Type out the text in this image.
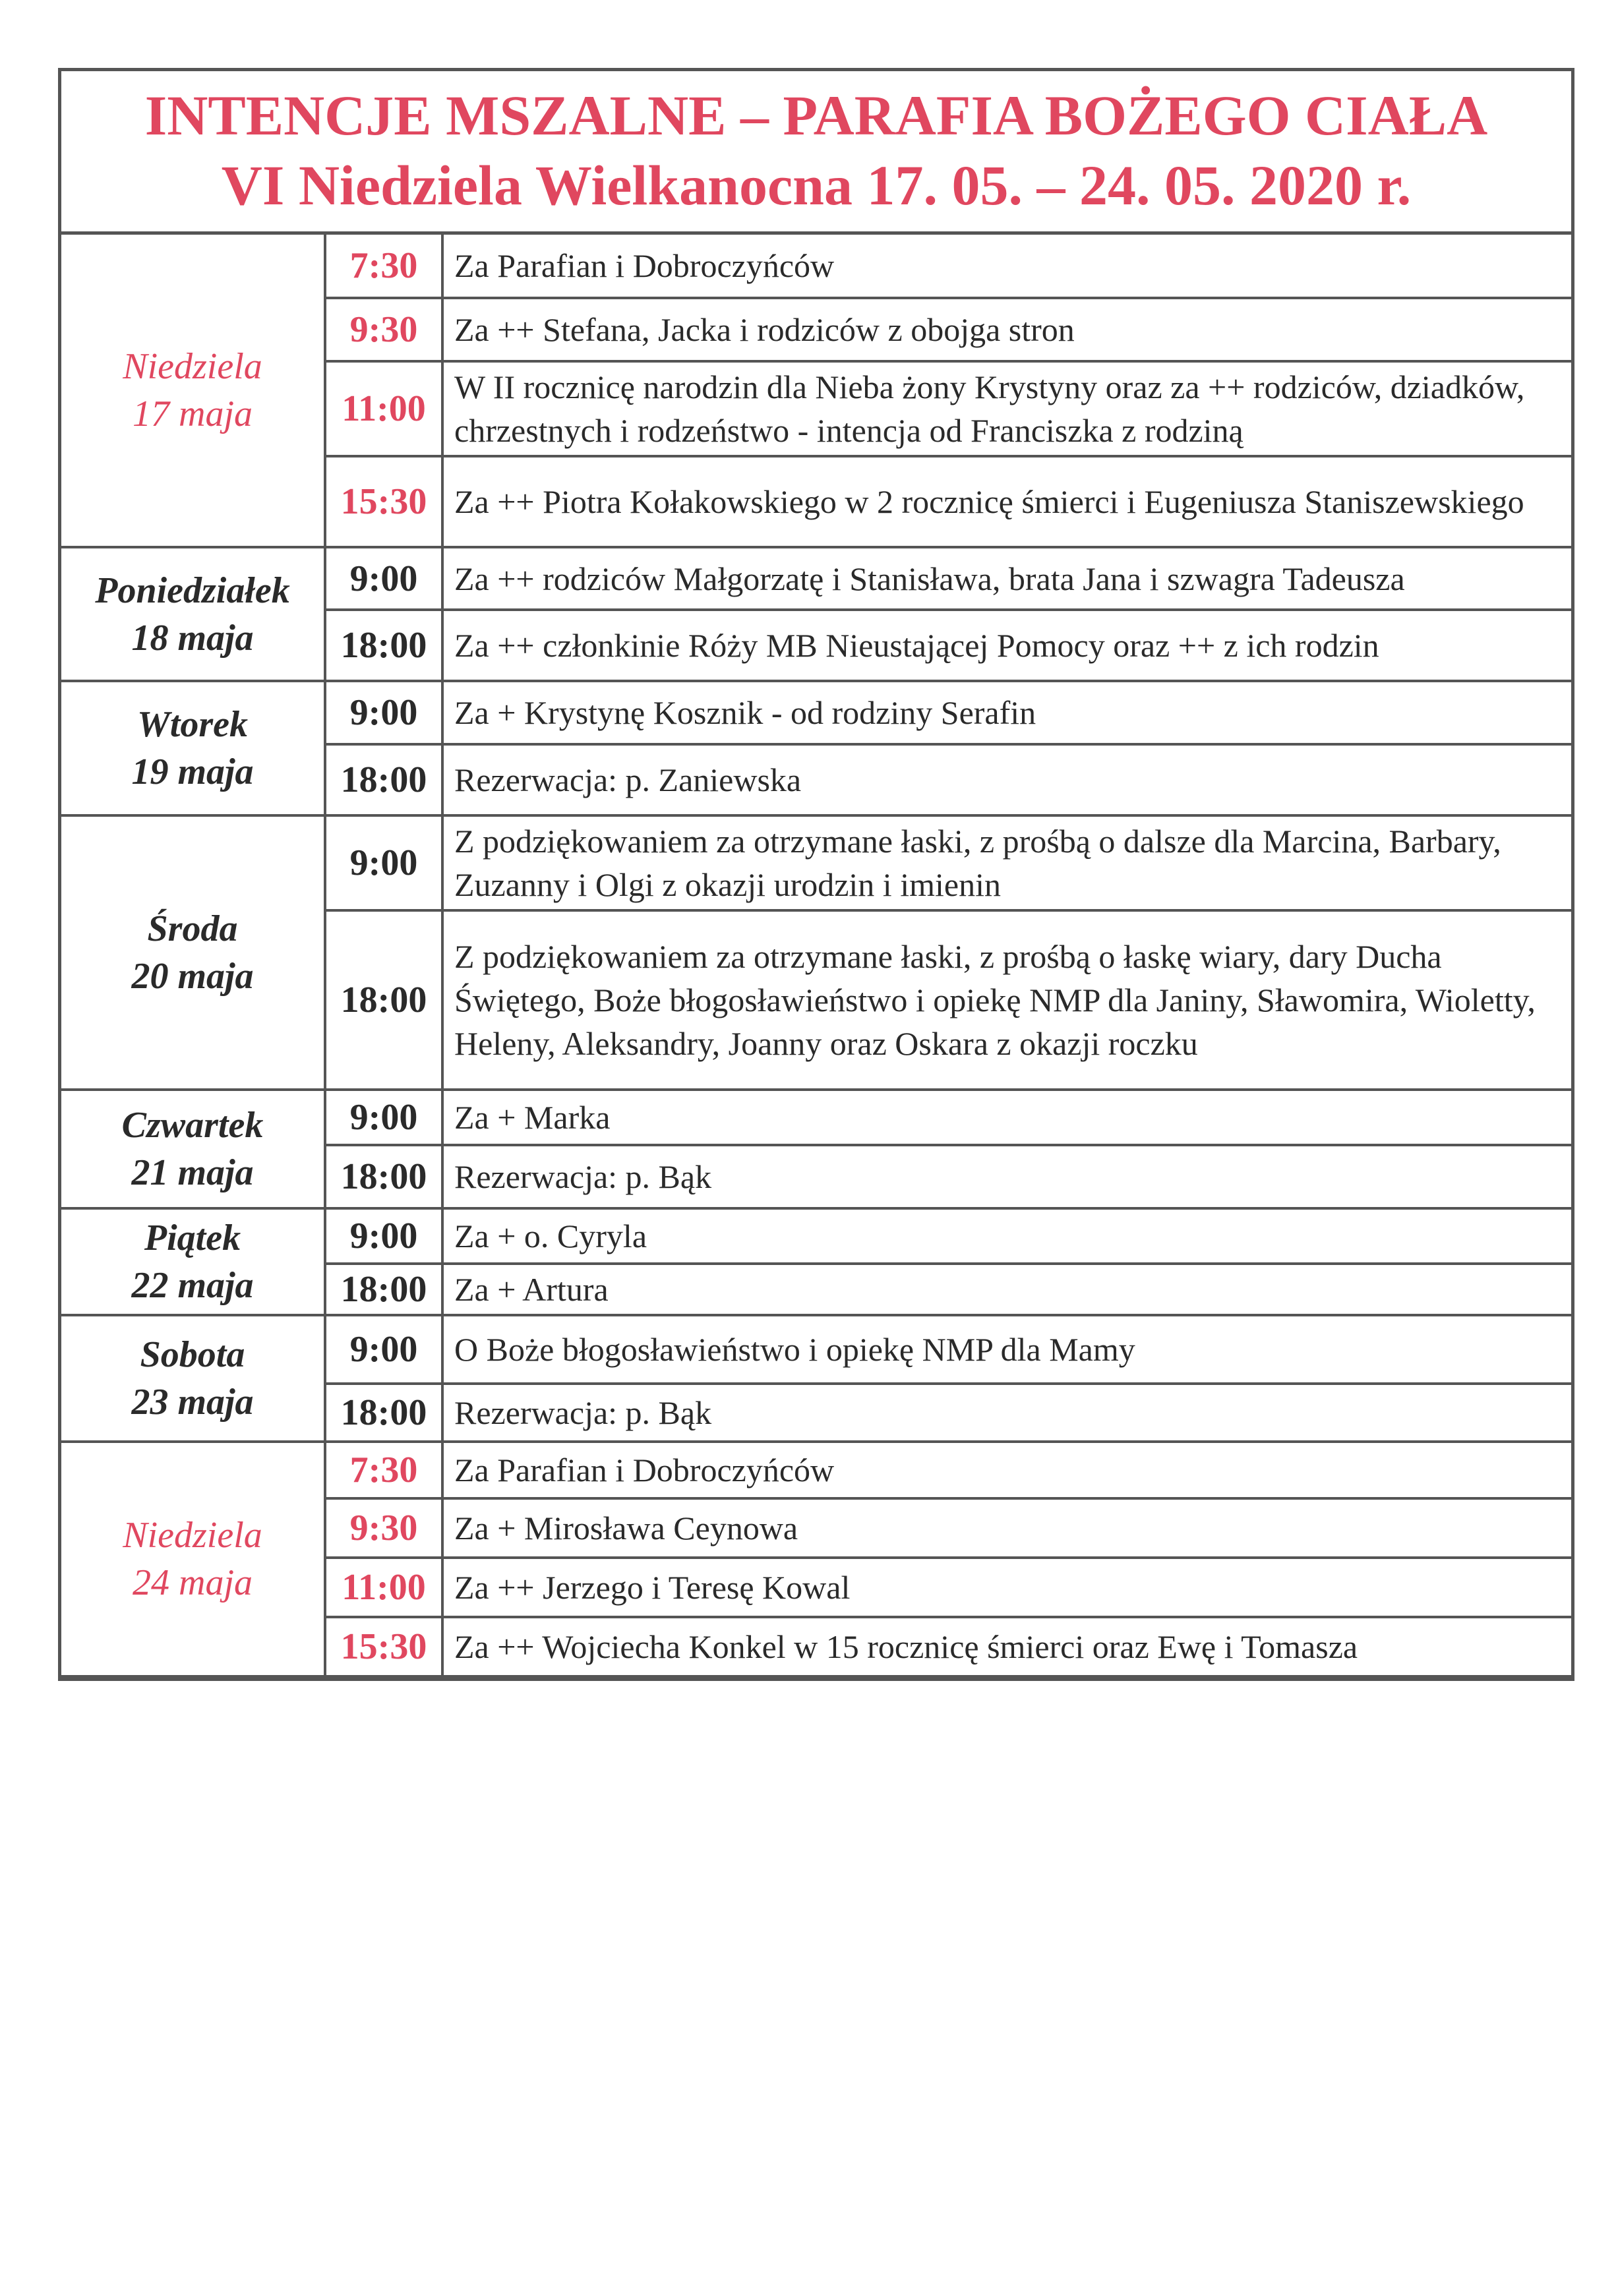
INTENCJE MSZALNE – PARAFIA BOŻEGO CIAŁA
VI Niedziela Wielkanocna 17. 05. – 24. 05. 2020 r.
Niedziela
17 maja	7:30	Za Parafian i Dobroczyńców
	9:30	Za ++ Stefana, Jacka i rodziców z obojga stron
	11:00	W II rocznicę narodzin dla Nieba żony Krystyny oraz za ++ rodziców, dziadków, chrzestnych i rodzeństwo - intencja od Franciszka z rodziną
	15:30	Za ++ Piotra Kołakowskiego w 2 rocznicę śmierci i Eugeniusza Staniszewskiego

Poniedziałek
18 maja	9:00	Za ++ rodziców Małgorzatę i Stanisława, brata Jana i szwagra Tadeusza
	18:00	Za ++ członkinie Róży MB Nieustającej Pomocy oraz ++ z ich rodzin

Wtorek
19 maja	9:00	Za + Krystynę Kosznik - od rodziny Serafin
	18:00	Rezerwacja: p. Zaniewska

Środa
20 maja	9:00	Z podziękowaniem za otrzymane łaski, z prośbą o dalsze dla Marcina, Barbary, Zuzanny i Olgi z okazji urodzin i imienin
	18:00	Z podziękowaniem za otrzymane łaski, z prośbą o łaskę wiary, dary Ducha Świętego, Boże błogosławieństwo i opiekę NMP dla Janiny, Sławomira, Wioletty, Heleny, Aleksandry, Joanny oraz Oskara z okazji roczku

Czwartek
21 maja	9:00	Za + Marka
	18:00	Rezerwacja: p. Bąk

Piątek
22 maja	9:00	Za + o. Cyryla
	18:00	Za + Artura

Sobota
23 maja	9:00	O Boże błogosławieństwo i opiekę NMP dla Mamy
	18:00	Rezerwacja: p. Bąk

Niedziela
24 maja	7:30	Za Parafian i Dobroczyńców
	9:30	Za + Mirosława Ceynowa
	11:00	Za ++ Jerzego i Teresę Kowal
	15:30	Za ++ Wojciecha Konkel w 15 rocznicę śmierci oraz Ewę i Tomasza
